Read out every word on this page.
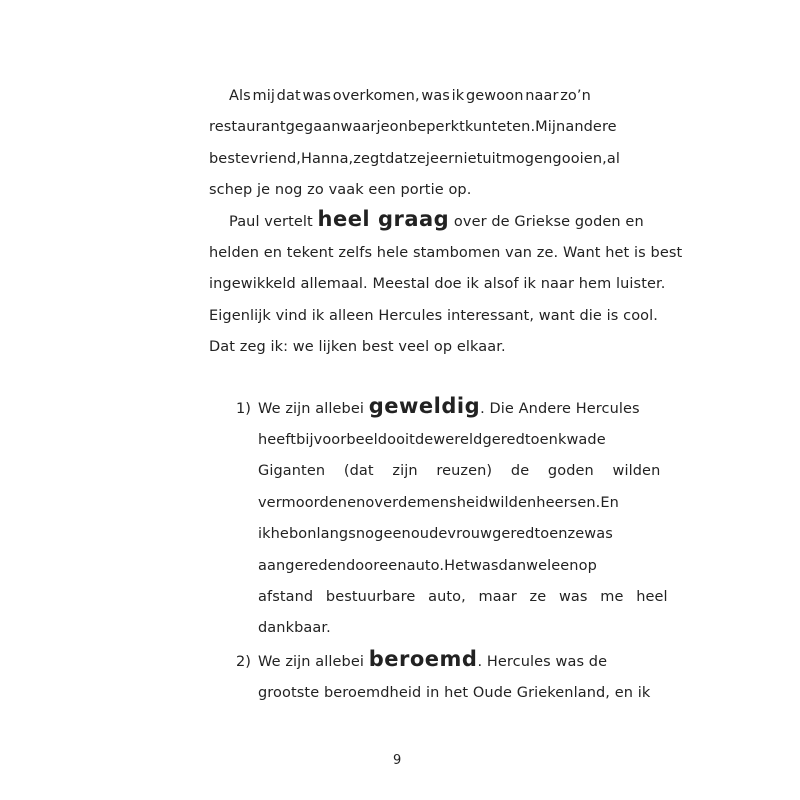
Als mij dat was overkomen, was ik gewoon naar zo’n
restaurant gegaan waar je onbeperkt kunt eten. Mijn andere
beste vriend, Hanna, zegt dat ze je er niet uit mogen gooien, al
schep je nog zo vaak een portie op.
Paul vertelt heel graag over de Griekse goden en
helden en tekent zelfs hele stambomen van ze. Want het is best
ingewikkeld allemaal. Meestal doe ik alsof ik naar hem luister.
Eigenlijk vind ik alleen Hercules interessant, want die is cool.
Dat zeg ik: we lijken best veel op elkaar.
1) We zijn allebei geweldig . Die Andere Hercules
heeft bijvoorbeeld ooit de wereld gered toen kwade
Giganten (dat zijn reuzen) de goden wilden
vermoorden en over de mensheid wilden heersen. En
ik heb onlangs nog een oude vrouw gered toen ze was
aangereden door een auto. Het was dan wel een op
afstand bestuurbare auto, maar ze was me heel
dankbaar.
2) We zijn allebei beroemd . Hercules was de
grootste beroemdheid in het Oude Griekenland, en ik
9
